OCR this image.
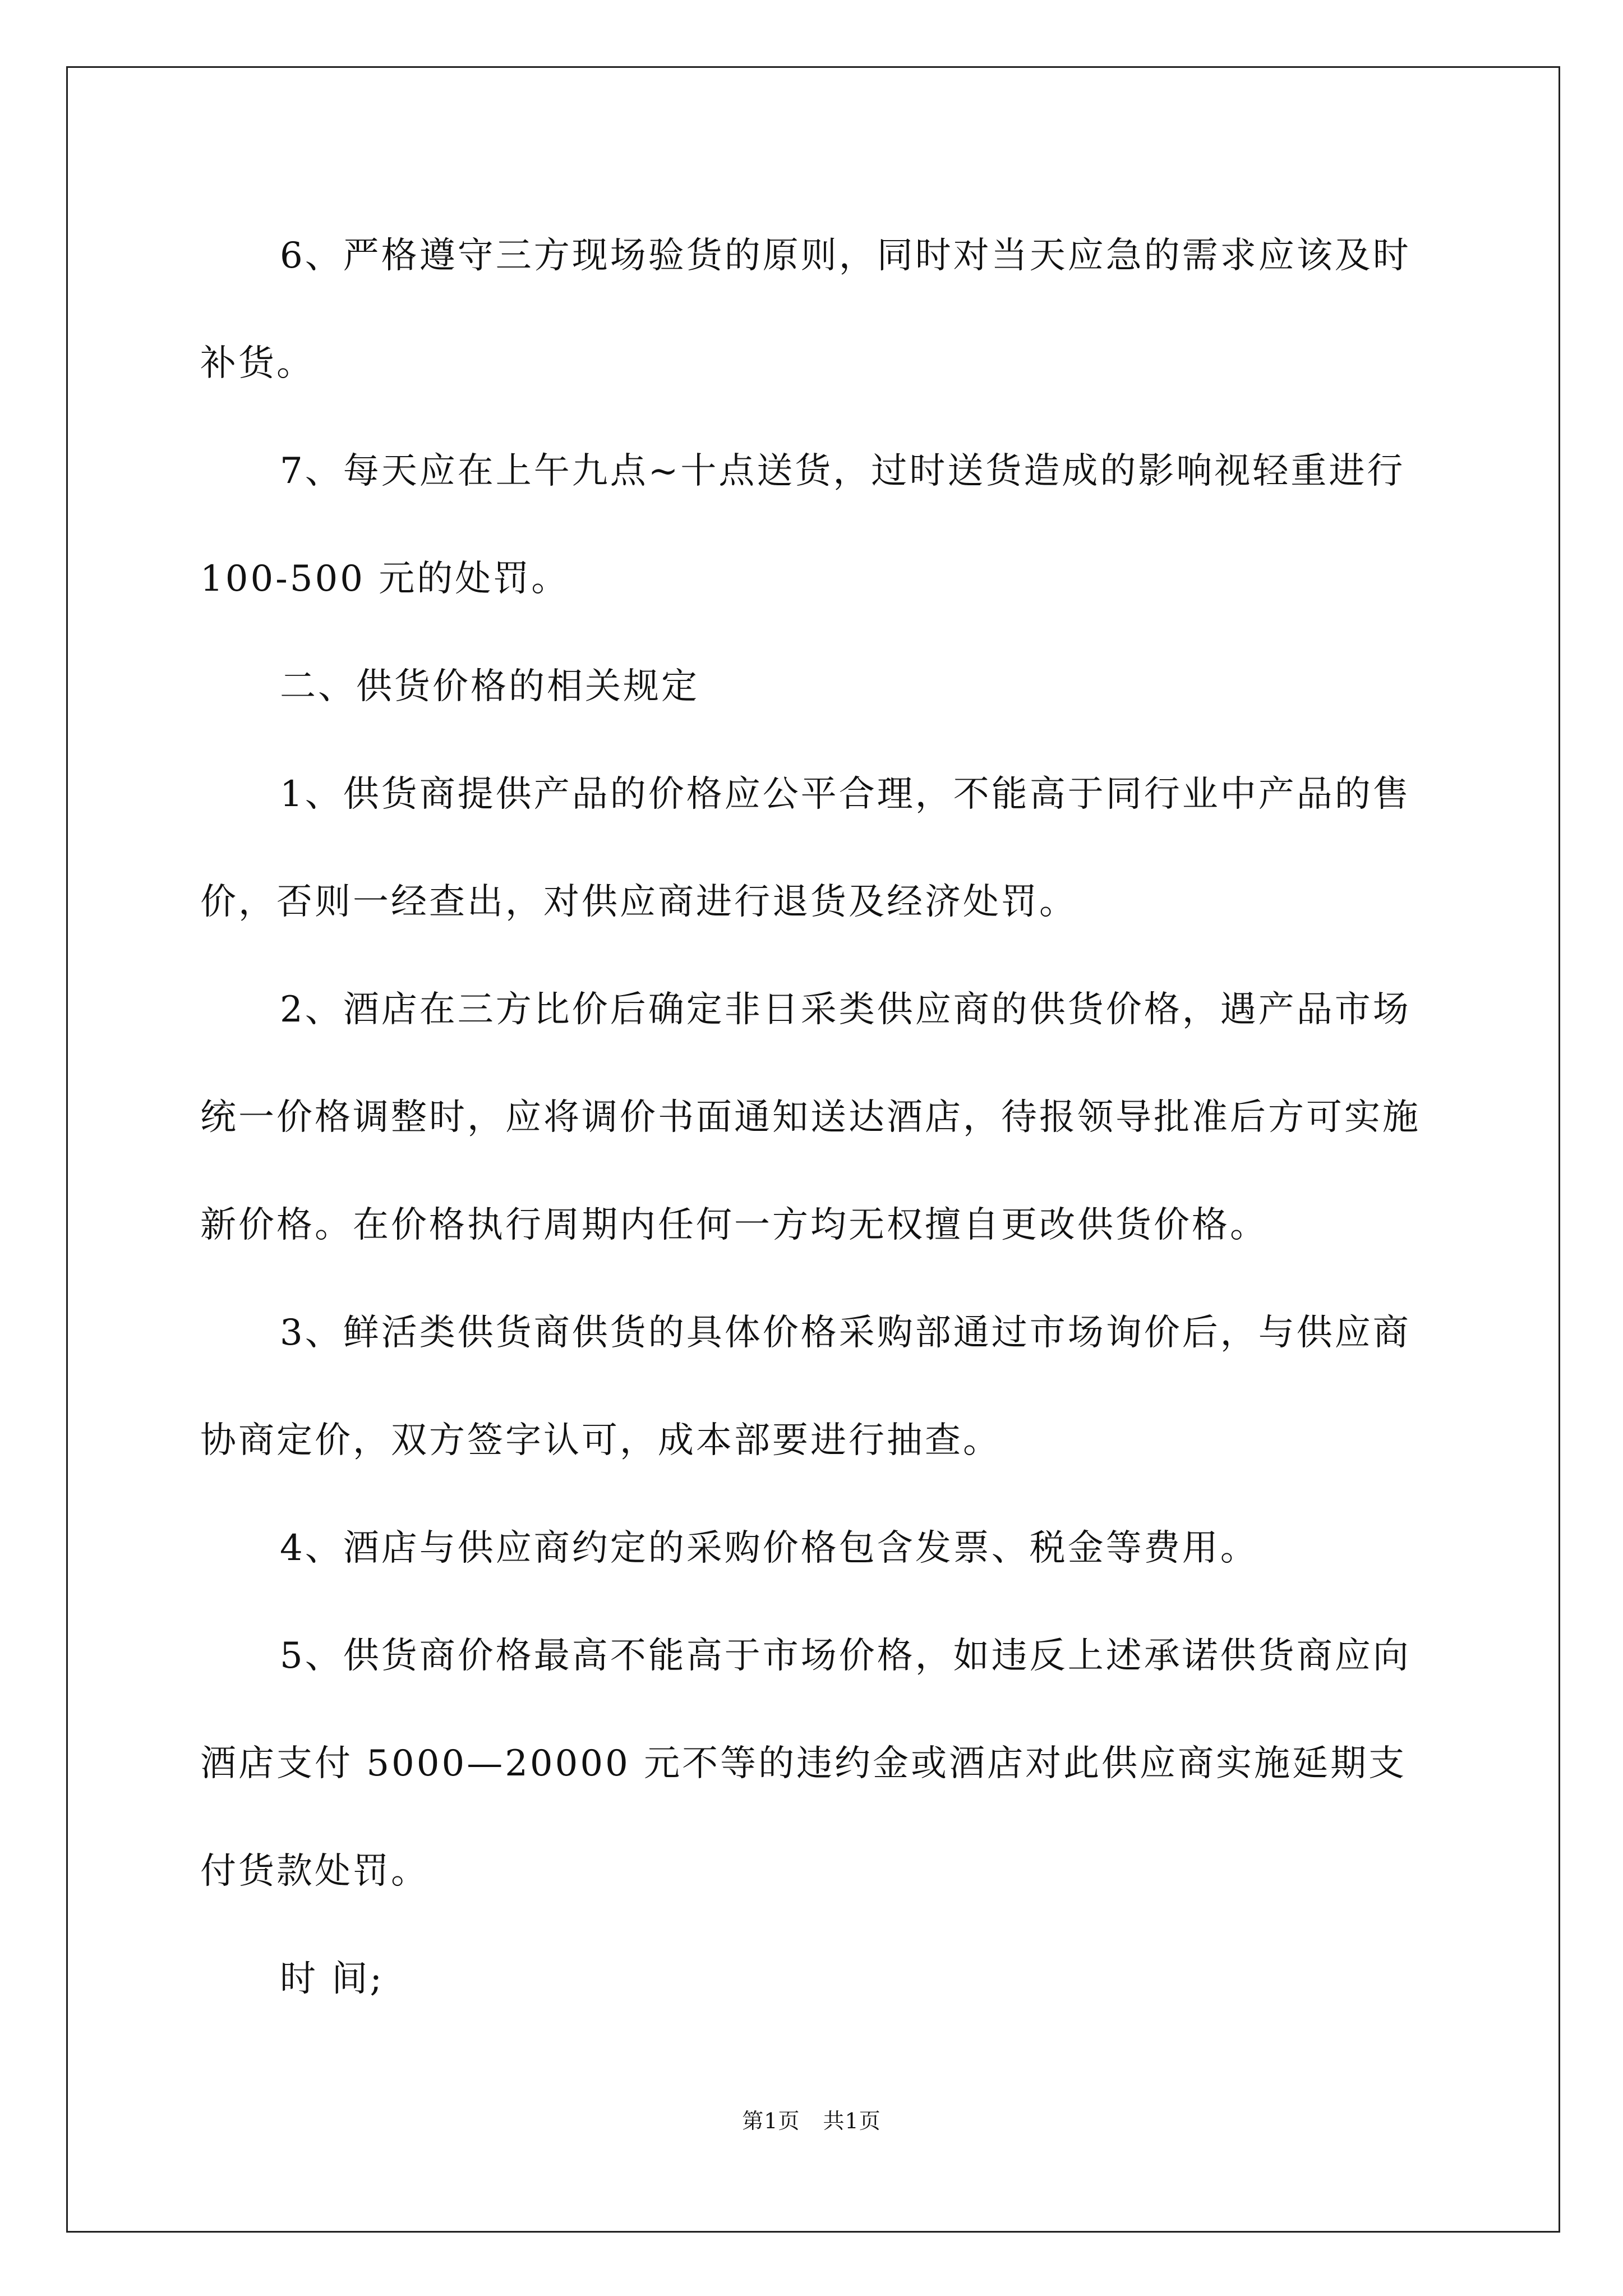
6、严格遵守三方现场验货的原则，同时对当天应急的需求应该及时补货。

7、每天应在上午九点~十点送货，过时送货造成的影响视轻重进行 100-500 元的处罚。

二、供货价格的相关规定

1、供货商提供产品的价格应公平合理，不能高于同行业中产品的售价，否则一经查出，对供应商进行退货及经济处罚。

2、酒店在三方比价后确定非日采类供应商的供货价格，遇产品市场统一价格调整时，应将调价书面通知送达酒店，待报领导批准后方可实施新价格。在价格执行周期内任何一方均无权擅自更改供货价格。

3、鲜活类供货商供货的具体价格采购部通过市场询价后，与供应商协商定价，双方签字认可，成本部要进行抽查。

4、酒店与供应商约定的采购价格包含发票、税金等费用。

5、供货商价格最高不能高于市场价格，如违反上述承诺供货商应向酒店支付 5000—20000 元不等的违约金或酒店对此供应商实施延期支付货款处罚。

时 间;

第1页 共1页
